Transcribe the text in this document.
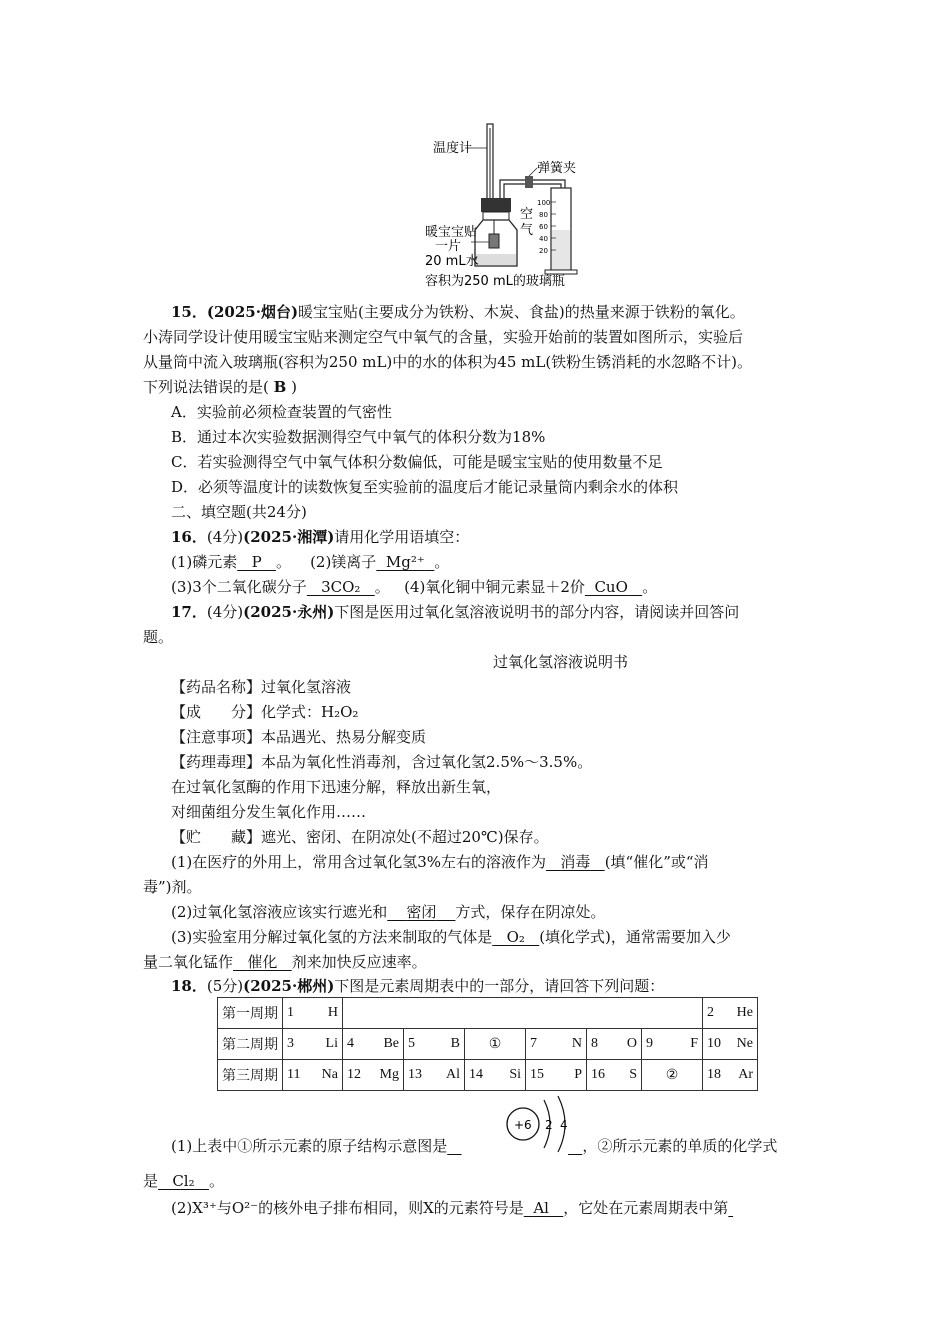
温度计
弹簧夹
空
气
暖宝宝贴
一片
20 mL水
容积为250 mL的玻璃瓶
100
80
60
40
20
15．(2025·烟台)暖宝宝贴(主要成分为铁粉、木炭、食盐)的热量来源于铁粉的氧化。
小涛同学设计使用暖宝宝贴来测定空气中氧气的含量，实验开始前的装置如图所示，实验后
从量筒中流入玻璃瓶(容积为250 mL)中的水的体积为45 mL(铁粉生锈消耗的水忽略不计)。
下列说法错误的是( B )
A．实验前必须检查装置的气密性
B．通过本次实验数据测得空气中氧气的体积分数为18%
C．若实验测得空气中氧气体积分数偏低，可能是暖宝宝贴的使用数量不足
D．必须等温度计的读数恢复至实验前的温度后才能记录量筒内剩余水的体积
二、填空题(共24分)
16．(4分)(2025·湘潭)请用化学用语填空：
(1)磷元素 P 。 (2)镁离子 Mg²⁺ 。
(3)3个二氧化碳分子 3CO₂ 。 (4)氧化铜中铜元素显＋2价 CuO 。
17．(4分)(2025·永州)下图是医用过氧化氢溶液说明书的部分内容，请阅读并回答问
题。
过氧化氢溶液说明书
【药品名称】过氧化氢溶液
【成　　分】化学式：H₂O₂
【注意事项】本品遇光、热易分解变质
【药理毒理】本品为氧化性消毒剂，含过氧化氢2.5%～3.5%。
在过氧化氢酶的作用下迅速分解，释放出新生氧，
对细菌组分发生氧化作用……
【贮　　藏】遮光、密闭、在阴凉处(不超过20℃)保存。
(1)在医疗的外用上，常用含过氧化氢3%左右的溶液作为 消毒 (填“催化”或“消
毒”)剂。
(2)过氧化氢溶液应该实行遮光和 密闭 方式，保存在阴凉处。
(3)实验室用分解过氧化氢的方法来制取的气体是 O₂ (填化学式)，通常需要加入少
量二氧化锰作 催化 剂来加快反应速率。
18．(5分)(2025·郴州)下图是元素周期表中的一部分，请回答下列问题：
第一周期	1 H							2 He

第二周期	3 Li	4 Be	5 B	①	7 N	8 O	9 F	10 Ne

第三周期	11 Na	12 Mg	13 Al	14 Si	15 P	16 S	②	18 Ar
+6 2 4
(1)上表中①所示元素的原子结构示意图是	，②所示元素的单质的化学式
是 Cl₂ 。
(2)X³⁺与O²⁻的核外电子排布相同，则X的元素符号是 Al ，它处在元素周期表中第
